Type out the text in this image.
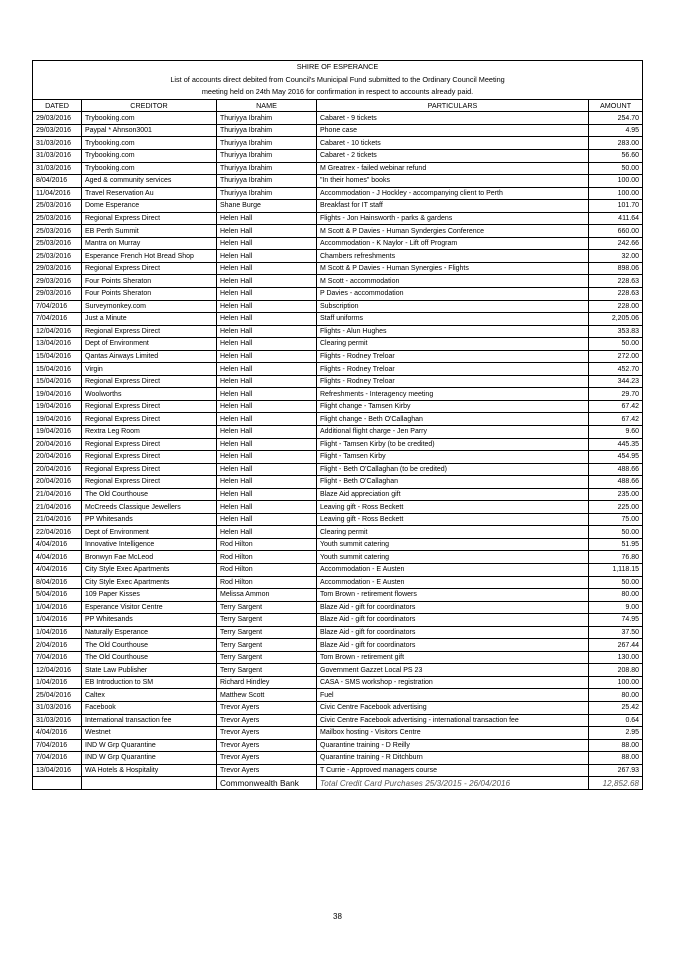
SHIRE OF ESPERANCE				
List of accounts direct debited from Council's Municipal Fund submitted to the Ordinary Council Meeting				
meeting held on 24th May 2016 for confirmation in respect to accounts already paid.				
DATED	CREDITOR	NAME	PARTICULARS	AMOUNT
29/03/2016	Trybooking.com	Thuriyya Ibrahim	Cabaret - 9 tickets	254.70
29/03/2016	Paypal * Ahnson3001	Thuriyya Ibrahim	Phone case	4.95
31/03/2016	Trybooking.com	Thuriyya Ibrahim	Cabaret - 10 tickets	283.00
31/03/2016	Trybooking.com	Thuriyya Ibrahim	Cabaret - 2 tickets	56.60
31/03/2016	Trybooking.com	Thuriyya Ibrahim	M Greatrex - failed webinar refund	50.00
8/04/2016	Aged & community services	Thuriyya Ibrahim	"In their homes" books	100.00
11/04/2016	Travel Reservation Au	Thuriyya Ibrahim	Accommodation - J Hockley - accompanying client to Perth	100.00
25/03/2016	Dome Esperance	Shane Burge	Breakfast for IT staff	101.70
25/03/2016	Regional Express Direct	Helen Hall	Flights - Jon Hainsworth - parks & gardens	411.64
25/03/2016	EB Perth Summit	Helen Hall	M Scott & P Davies - Human Syndergies Conference	660.00
25/03/2016	Mantra on Murray	Helen Hall	Accommodation - K Naylor - Lift off Program	242.66
25/03/2016	Esperance French Hot Bread Shop	Helen Hall	Chambers refreshments	32.00
29/03/2016	Regional Express Direct	Helen Hall	M Scott & P Davies - Human Synergies - Flights	898.06
29/03/2016	Four Points Sheraton	Helen Hall	M Scott - accommodation	228.63
29/03/2016	Four Points Sheraton	Helen Hall	P Davies - accommodation	228.63
7/04/2016	Surveymonkey.com	Helen Hall	Subscription	228.00
7/04/2016	Just a Minute	Helen Hall	Staff uniforms	2,205.06
12/04/2016	Regional Express Direct	Helen Hall	Flights - Alun Hughes	353.83
13/04/2016	Dept of Environment	Helen Hall	Clearing permit	50.00
15/04/2016	Qantas Airways Limited	Helen Hall	Flights - Rodney Treloar	272.00
15/04/2016	Virgin	Helen Hall	Flights - Rodney Treloar	452.70
15/04/2016	Regional Express Direct	Helen Hall	Flights - Rodney Treloar	344.23
19/04/2016	Woolworths	Helen Hall	Refreshments - Interagency meeting	29.70
19/04/2016	Regional Express Direct	Helen Hall	Flight change - Tamsen Kirby	67.42
19/04/2016	Regional Express Direct	Helen Hall	Flight change - Beth O'Callaghan	67.42
19/04/2016	Rextra Leg Room	Helen Hall	Additional flight charge - Jen Parry	9.60
20/04/2016	Regional Express Direct	Helen Hall	Flight - Tamsen Kirby (to be credited)	445.35
20/04/2016	Regional Express Direct	Helen Hall	Flight - Tamsen Kirby	454.95
20/04/2016	Regional Express Direct	Helen Hall	Flight - Beth O'Callaghan (to be credited)	488.66
20/04/2016	Regional Express Direct	Helen Hall	Flight - Beth O'Callaghan	488.66
21/04/2016	The Old Courthouse	Helen Hall	Blaze Aid appreciation gift	235.00
21/04/2016	McCreeds Classique Jewellers	Helen Hall	Leaving gift - Ross Beckett	225.00
21/04/2016	PP Whitesands	Helen Hall	Leaving gift - Ross Beckett	75.00
22/04/2016	Dept of Environment	Helen Hall	Clearing permit	50.00
4/04/2016	Innovative Intelligence	Rod Hilton	Youth summit catering	51.95
4/04/2016	Bronwyn Fae McLeod	Rod Hilton	Youth summit catering	76.80
4/04/2016	City Style Exec Apartments	Rod Hilton	Accommodation - E Austen	1,118.15
8/04/2016	City Style Exec Apartments	Rod Hilton	Accommodation - E Austen	50.00
5/04/2016	109 Paper Kisses	Melissa Ammon	Tom Brown - retirement flowers	80.00
1/04/2016	Esperance Visitor Centre	Terry Sargent	Blaze Aid - gift for coordinators	9.00
1/04/2016	PP Whitesands	Terry Sargent	Blaze Aid - gift for coordinators	74.95
1/04/2016	Naturally Esperance	Terry Sargent	Blaze Aid - gift for coordinators	37.50
2/04/2016	The Old Courthouse	Terry Sargent	Blaze Aid - gift for coordinators	267.44
7/04/2016	The Old Courthouse	Terry Sargent	Tom Brown - retirement gift	130.00
12/04/2016	State Law Publisher	Terry Sargent	Government Gazzet Local PS 23	208.80
1/04/2016	EB Introduction to SM	Richard Hindley	CASA - SMS workshop - registration	100.00
25/04/2016	Caltex	Matthew Scott	Fuel	80.00
31/03/2016	Facebook	Trevor Ayers	Civic Centre Facebook advertising	25.42
31/03/2016	International transaction fee	Trevor Ayers	Civic Centre Facebook advertising - international transaction fee	0.64
4/04/2016	Westnet	Trevor Ayers	Mailbox hosting - Visitors Centre	2.95
7/04/2016	IND W Grp Quarantine	Trevor Ayers	Quarantine training - D Reilly	88.00
7/04/2016	IND W Grp Quarantine	Trevor Ayers	Quarantine training - R Ditchburn	88.00
13/04/2016	WA Hotels & Hospitality	Trevor Ayers	T Currie - Approved managers course	267.93
		Commonwealth Bank	Total Credit Card Purchases 25/3/2015 - 26/04/2016	12,852.68
38
